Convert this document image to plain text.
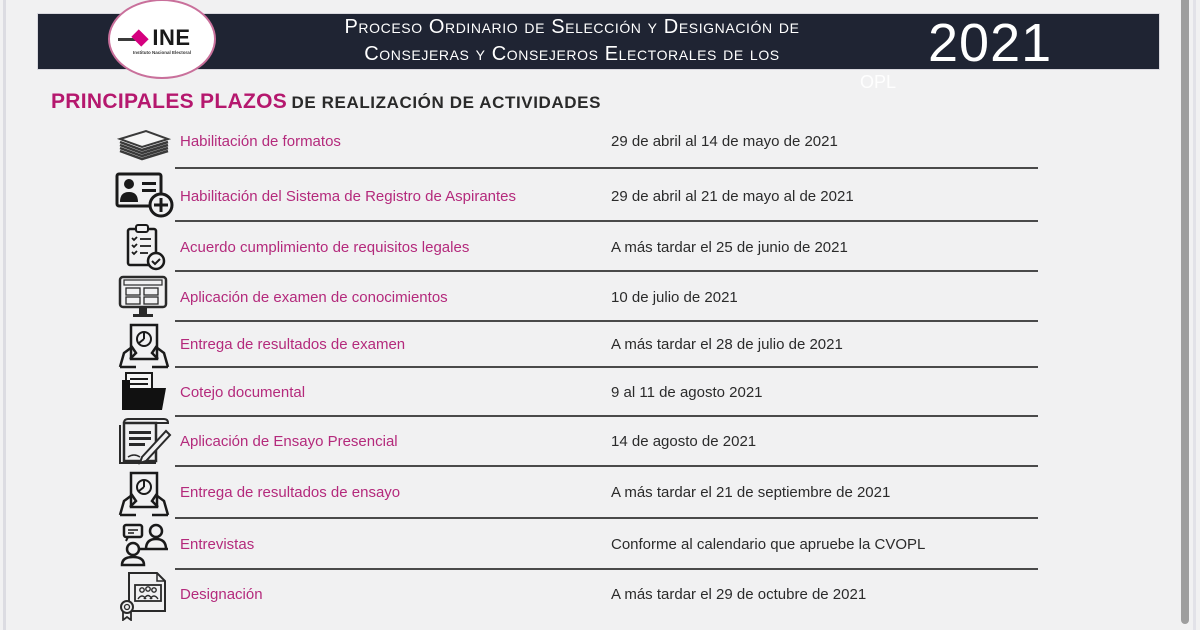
Proceso Ordinario de Selección y Designación de
Consejeras y Consejeros Electorales de los	2021
OPL
INE
Instituto Nacional Electoral
PRINCIPALES PLAZOS DE REALIZACIÓN DE ACTIVIDADES
Habilitación de formatos	29 de abril al 14 de mayo de 2021
Habilitación del Sistema de Registro de Aspirantes	29 de abril al 21 de mayo al de 2021
Acuerdo cumplimiento de requisitos legales	A más tardar el 25 de junio de 2021
Aplicación de examen de conocimientos	10 de julio de 2021
Entrega de resultados de examen	A más tardar el 28 de julio de 2021
Cotejo documental	9 al 11 de agosto 2021
Aplicación de Ensayo Presencial	14 de agosto de 2021
Entrega de resultados de ensayo	A más tardar el 21 de septiembre de 2021
Entrevistas	Conforme al calendario que apruebe la CVOPL
Designación	A más tardar el 29 de octubre de 2021
